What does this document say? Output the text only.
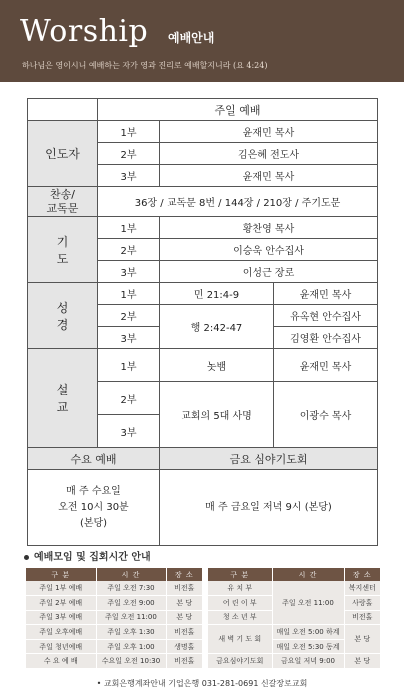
Worship 예배안내
하나님은 영이시니 예배하는 자가 영과 진리로 예배할지니라 (요 4:24)
	주일 예배		
인도자	1부	윤재민 목사	
	2부	김은혜 전도사	
	3부	윤재민 목사	
찬송/
교독문	36장 / 교독문 8번 / 144장 / 210장 / 주기도문		
기 도	1부	황찬영 목사	
	2부	이승욱 안수집사	
	3부	이성근 장로	
성 경	1부	민 21:4-9	윤재민 목사
	2부	행 2:42-47	유옥현 안수집사
	3부		김영환 안수집사
설 교	1부	놋뱀	윤재민 목사
	2부	교회의 5대 사명	이광수 목사
	3부		
수요 예배		금요 심야기도회	
매 주 수요일
오전 10시 30분
(본당)		매 주 금요일 저녁 9시 (본당)	
예배모임 및 집회시간 안내
구 분	시 간	장 소
주일 1부 예배	주일 오전 7:30	비전홀
주일 2부 예배	주일 오전 9:00	본 당
주일 3부 예배	주일 오전 11:00	본 당
주일 오후예배	주일 오후 1:30	비전홀
주일 청년예배	주일 오후 1:00	생명홀
수 요 예 배	수요일 오전 10:30	비전홀
구 분	시 간	장 소
유 치 부	주일 오전 11:00	복지센터
어 린 이 부		사랑홀
청 소 년 부		비전홀
새 벽 기 도 회	매일 오전 5:00 하계	본 당
	매일 오전 5:30 동계	
금요심야기도회	금요일 저녁 9:00	본 당
• 교회은행계좌안내 기업은행 031-281-0691 신갈장로교회
